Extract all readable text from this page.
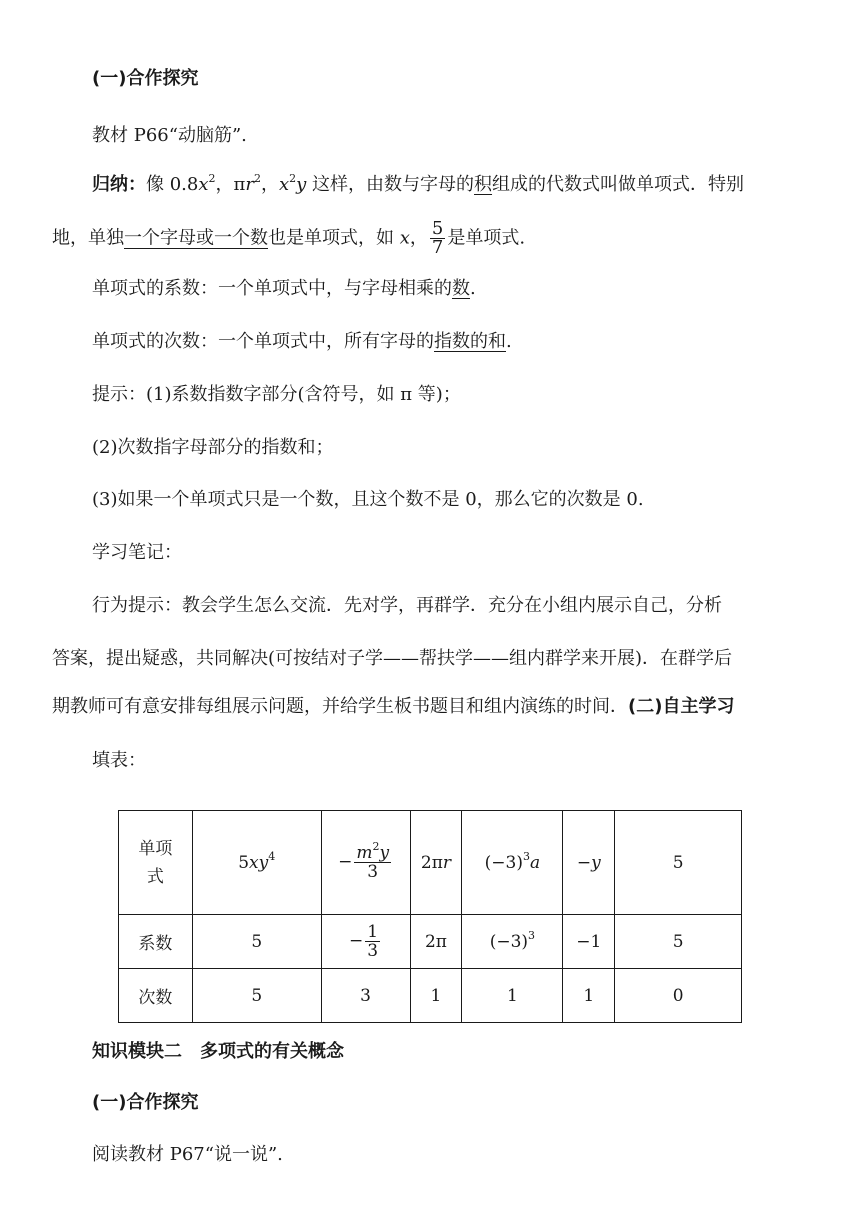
(一)合作探究
教材 P66“动脑筋”.
归纳：像 $0.8x^2$，$\pi r^2$，$x^2y$ 这样，由数与字母的积组成的代数式叫做单项式．特别
地，单独一个字母或一个数也是单项式，如 x， $\frac{5}{7}$ 是单项式.
单项式的系数：一个单项式中，与字母相乘的数.
单项式的次数：一个单项式中，所有字母的指数的和.
提示：(1)系数指数字部分(含符号，如 π 等)；
(2)次数指字母部分的指数和；
(3)如果一个单项式只是一个数，且这个数不是 0，那么它的次数是 0.
学习笔记：
行为提示：教会学生怎么交流．先对学，再群学．充分在小组内展示自己，分析
答案，提出疑惑，共同解决(可按结对子学——帮扶学——组内群学来开展)．在群学后
期教师可有意安排每组展示问题，并给学生板书题目和组内演练的时间．(二)自主学习
填表：
单项
式	$5xy^4$	− $\frac{m^2y}{3}$	2πr	$(-3)^3a$	−y	5
系数	5	− $\frac{1}{3}$	2π	$(-3)^3$	−1	5
次数	5	3	1	1	1	0
知识模块二　多项式的有关概念
(一)合作探究
阅读教材 P67“说一说”.
